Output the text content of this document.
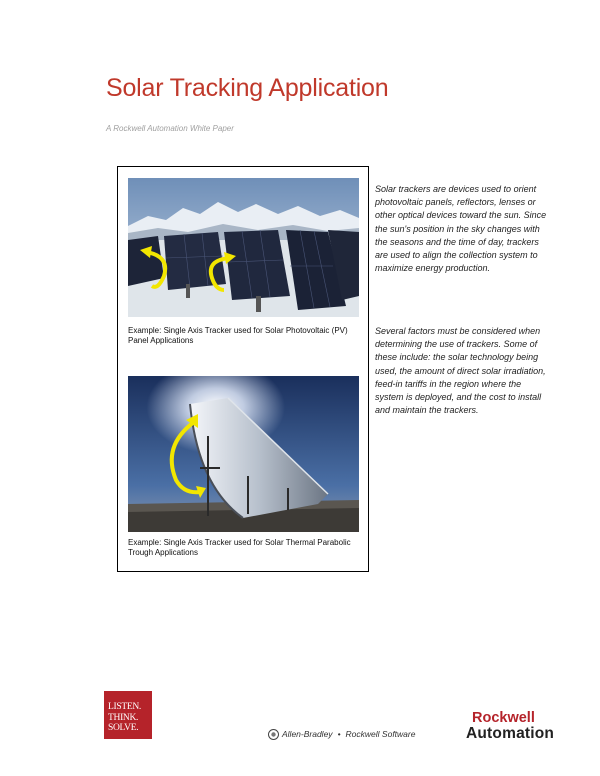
Solar Tracking Application
A Rockwell Automation White Paper
Example: Single Axis Tracker used for Solar Photovoltaic (PV) Panel Applications
Example: Single Axis Tracker used for Solar Thermal Parabolic Trough Applications
Solar trackers are devices used to orient photovoltaic panels, reflectors, lenses or other optical devices toward the sun. Since the sun's position in the sky changes with the seasons and the time of day, trackers are used to align the collection system to maximize energy production.
Several factors must be considered when determining the use of trackers. Some of these include: the solar technology being used, the amount of direct solar irradiation, feed-in tariffs in the region where the system is deployed, and the cost to install and maintain the trackers.
LISTEN.
THINK.
SOLVE.
Allen-Bradley • Rockwell Software
Rockwell
Automation
